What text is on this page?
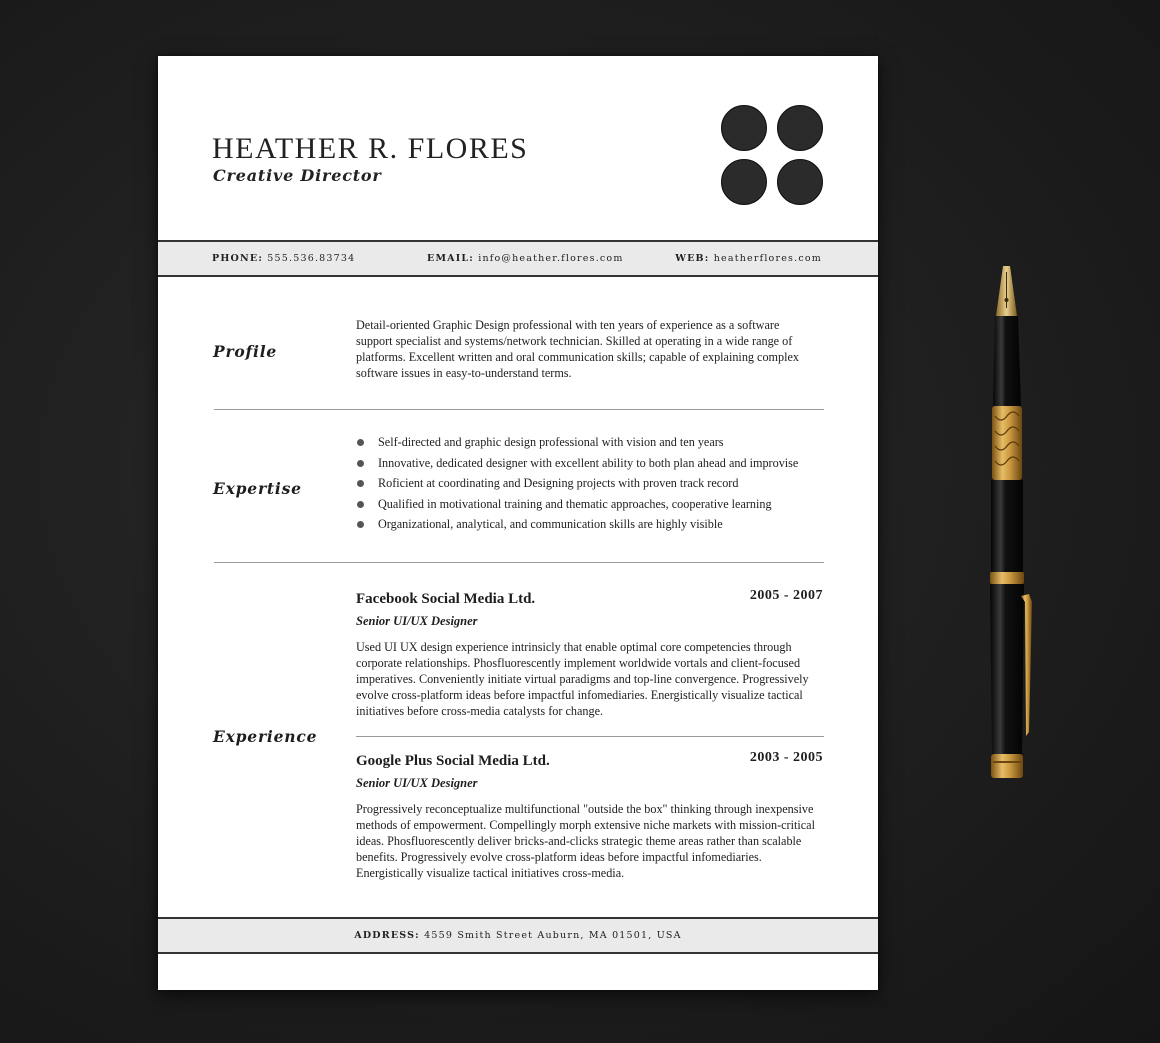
HEATHER R. FLORES
Creative Director
PHONE: 555.536.83734	EMAIL: info@heather.flores.com	WEB: heatherflores.com
Profile
Detail-oriented Graphic Design professional with ten years of experience as a software support specialist and systems/network technician. Skilled at operating in a wide range of platforms. Excellent written and oral communication skills; capable of explaining complex software issues in easy-to-understand terms.
Expertise
Self-directed and graphic design professional with vision and ten years
Innovative, dedicated designer with excellent ability to both plan ahead and improvise
Roficient at coordinating and Designing projects with proven track record
Qualified in motivational training and thematic approaches, cooperative learning
Organizational, analytical, and communication skills are highly visible
Experience
Facebook Social Media Ltd.	2005 - 2007
Senior UI/UX Designer
Used UI UX design experience intrinsicly that enable optimal core competencies through corporate relationships. Phosfluorescently implement worldwide vortals and client-focused imperatives. Conveniently initiate virtual paradigms and top-line convergence. Progressively evolve cross-platform ideas before impactful infomediaries. Energistically visualize tactical initiatives before cross-media catalysts for change.
Google Plus Social Media Ltd.	2003 - 2005
Senior UI/UX Designer
Progressively reconceptualize multifunctional "outside the box" thinking through inexpensive methods of empowerment. Compellingly morph extensive niche markets with mission-critical ideas. Phosfluorescently deliver bricks-and-clicks strategic theme areas rather than scalable benefits. Progressively evolve cross-platform ideas before impactful infomediaries. Energistically visualize tactical initiatives cross-media.
ADDRESS: 4559 Smith Street Auburn, MA 01501, USA
